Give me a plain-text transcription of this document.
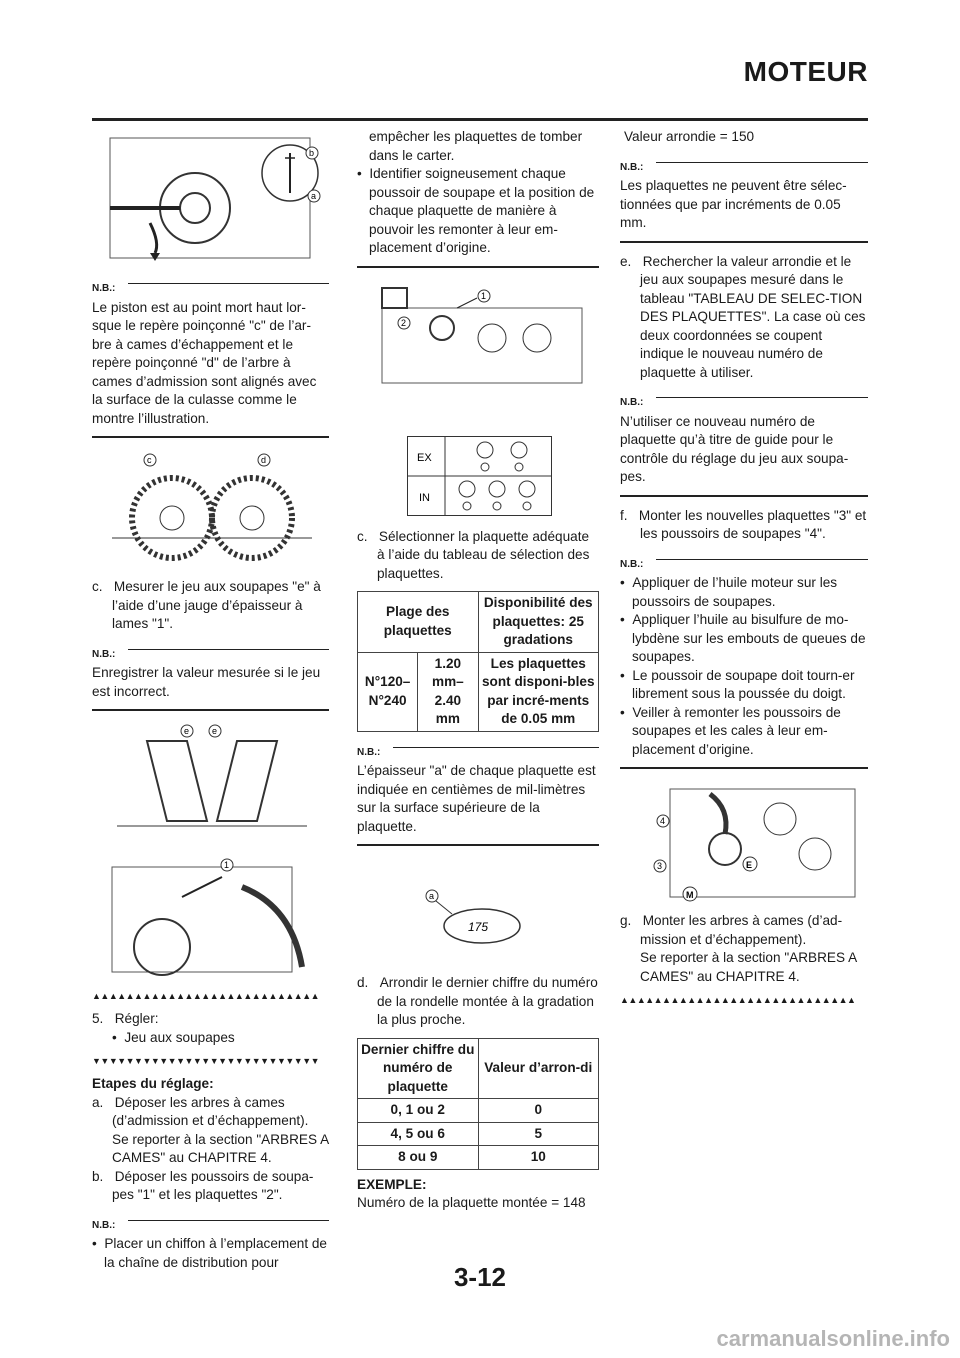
MOTEUR
b
a
N.B.:

Le piston est au point mort haut lor-sque le repère poinçonné "c" de l’ar-bre à cames d’échappement et le repère poinçonné "d" de l’arbre à cames d’admission sont alignés avec la surface de la culasse comme le montre l’illustration.

c	d

c. Mesurer le jeu aux soupapes "e" à l’aide d’une jauge d’épaisseur à lames "1".

N.B.:

Enregistrer la valeur mesurée si le jeu est incorrect.

e	e
1
▲▲▲▲▲▲▲▲▲▲▲▲▲▲▲▲▲▲▲▲▲▲▲▲▲▲▲

5. Régler:

•  Jeu aux soupapes

▼▼▼▼▼▼▼▼▼▼▼▼▼▼▼▼▼▼▼▼▼▼▼▼▼▼▼

Etapes du réglage:

a. Déposer les arbres à cames (d’admission et d’échappement).
Se reporter à la section "ARBRES A CAMES" au CHAPITRE 4.

b. Déposer les poussoirs de soupa-pes "1" et les plaquettes "2".

N.B.:

•  Placer un chiffon à l’emplacement de la chaîne de distribution pour

empêcher les plaquettes de tomber dans le carter.

•  Identifier soigneusement chaque poussoir de soupape et la position de chaque plaquette de manière à pouvoir les remonter à leur em-placement d’origine.

1
2
EX
IN

c. Sélectionner la plaquette adéquate à l’aide du tableau de sélection des plaquettes.

Plage des plaquettes		Disponibilité des plaquettes: 25 gradations
N°120– N°240	1.20 mm– 2.40 mm	Les plaquettes sont disponi-bles par incré-ments de 0.05 mm
N.B.:

L’épaisseur "a" de chaque plaquette est indiquée en centièmes de mil-limètres sur la surface supérieure de la plaquette.

a
175

d. Arrondir le dernier chiffre du numéro de la rondelle montée à la gradation la plus proche.

Dernier chiffre du numéro de plaquette	Valeur d’arron-di
0, 1 ou 2	0
4, 5 ou 6	5
8 ou 9	10

EXEMPLE:

Numéro de la plaquette montée = 148

Valeur arrondie = 150

N.B.:

Les plaquettes ne peuvent être sélec-tionnées que par incréments de 0.05 mm.

e. Rechercher la valeur arrondie et le jeu aux soupapes mesuré dans le tableau "TABLEAU DE SELEC-TION DES PLAQUETTES". La case où ces deux coordonnées se coupent indique le nouveau numéro de plaquette à utiliser.

N.B.:

N’utiliser ce nouveau numéro de plaquette qu’à titre de guide pour le contrôle du réglage du jeu aux soupa-pes.

f. Monter les nouvelles plaquettes "3" et les poussoirs de soupapes "4".

N.B.:

•  Appliquer de l’huile moteur sur les poussoirs de soupapes.

•  Appliquer l’huile au bisulfure de mo-lybdène sur les embouts de queues de soupapes.

•  Le poussoir de soupape doit tourn-er librement sous la poussée du doigt.

•  Veiller à remonter les poussoirs de soupapes et les cales à leur em-placement d’origine.

4
3	E
M

g. Monter les arbres à cames (d’ad-mission et d’échappement).
Se reporter à la section "ARBRES A CAMES" au CHAPITRE 4.

▲▲▲▲▲▲▲▲▲▲▲▲▲▲▲▲▲▲▲▲▲▲▲▲▲▲▲▲
3-12
carmanualsonline.info
